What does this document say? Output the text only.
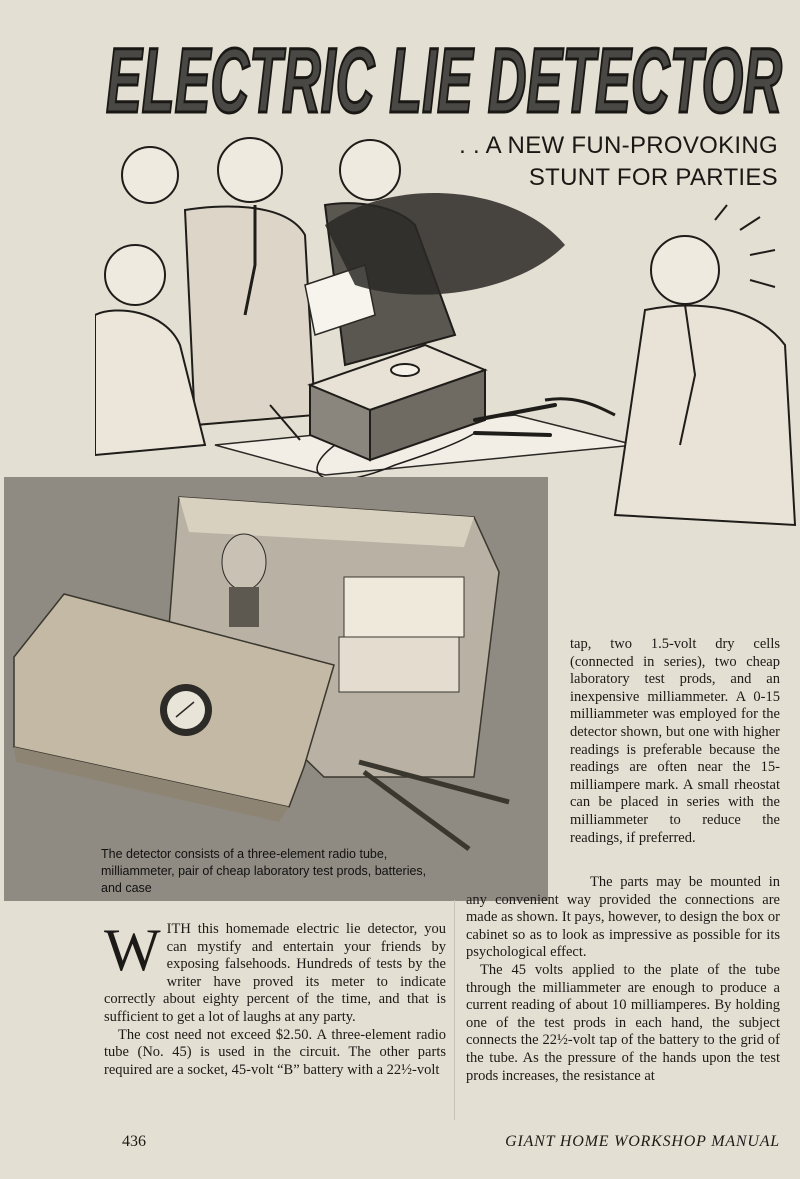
ELECTRIC LIE DETECTOR
. . A NEW FUN-PROVOKING
STUNT FOR PARTIES
The detector consists of a three-element radio tube, milliammeter, pair of cheap laboratory test prods, batteries, and case

tap, two 1.5-volt dry cells (connected in series), two cheap laboratory test prods, and an inexpensive milliammeter. A 0-15 milliammeter was employed for the detector shown, but one with higher readings is preferable because the readings are often near the 15-milliampere mark. A small rheostat can be placed in series with the milliammeter to reduce the readings, if preferred.

WITH this homemade electric lie detector, you can mystify and entertain your friends by exposing falsehoods. Hundreds of tests by the writer have proved its meter to indicate correctly about eighty percent of the time, and that is sufficient to get a lot of laughs at any party.

The cost need not exceed $2.50. A three-element radio tube (No. 45) is used in the circuit. The other parts required are a socket, 45-volt “B” battery with a 22½-volt

The parts may be mounted in any convenient way provided the connections are made as shown. It pays, however, to design the box or cabinet so as to look as impressive as possible for its psychological effect.

The 45 volts applied to the plate of the tube through the milliammeter are enough to produce a current reading of about 10 milliamperes. By holding one of the test prods in each hand, the subject connects the 22½-volt tap of the battery to the grid of the tube. As the pressure of the hands upon the test prods increases, the resistance at

436	GIANT HOME WORKSHOP MANUAL
